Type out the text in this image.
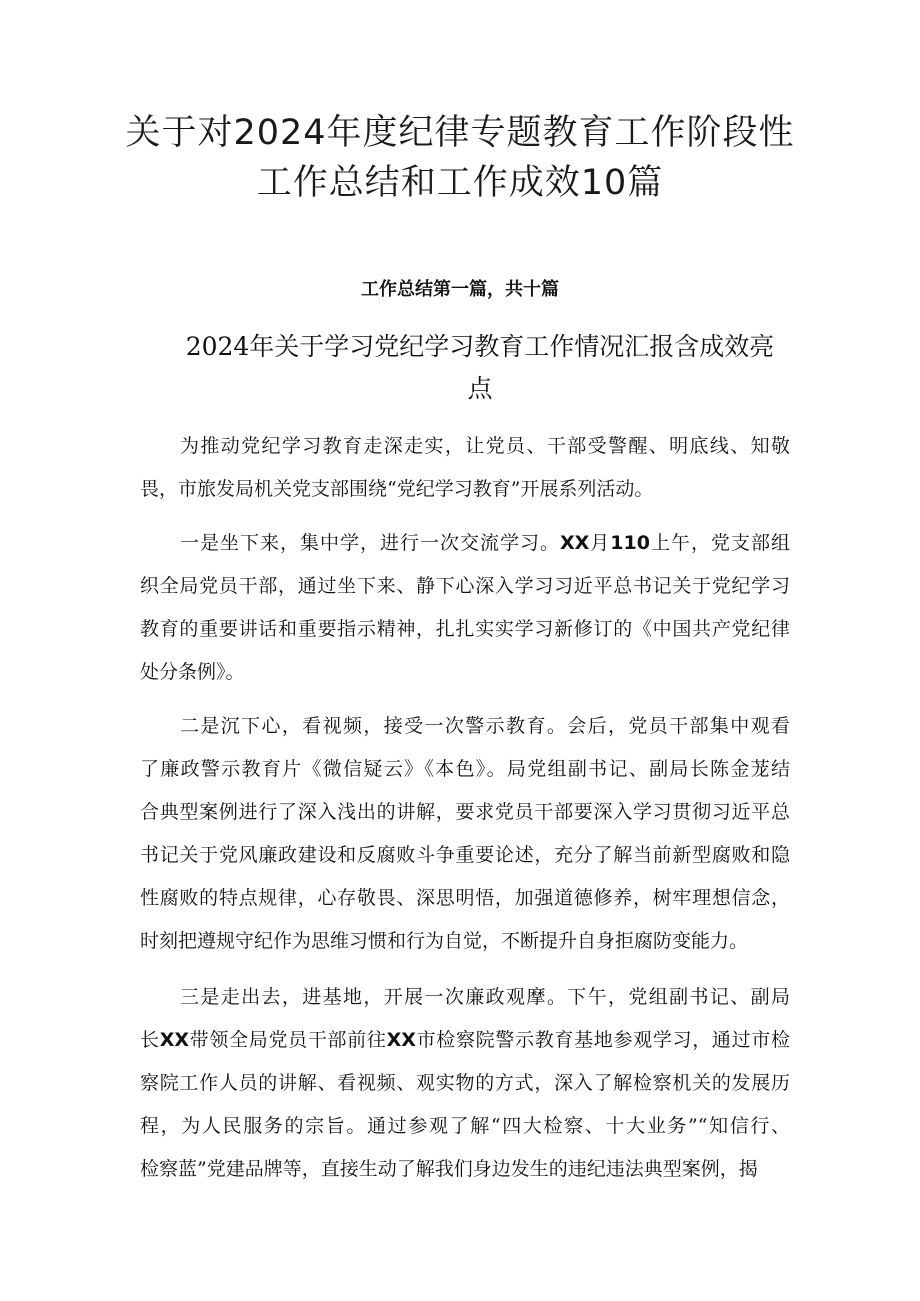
关于对2024年度纪律专题教育工作阶段性
工作总结和工作成效10篇

工作总结第一篇，共十篇

2024年关于学习党纪学习教育工作情况汇报含成效亮
点
为推动党纪学习教育走深走实，让党员、干部受警醒、明底线、知敬
畏，市旅发局机关党支部围绕“党纪学习教育”开展系列活动。
一是坐下来，集中学，进行一次交流学习。XX月110上午，党支部组
织全局党员干部，通过坐下来、静下心深入学习习近平总书记关于党纪学习
教育的重要讲话和重要指示精神，扎扎实实学习新修订的《中国共产党纪律
处分条例》。
二是沉下心，看视频，接受一次警示教育。会后，党员干部集中观看
了廉政警示教育片《微信疑云》《本色》。局党组副书记、副局长陈金茏结
合典型案例进行了深入浅出的讲解，要求党员干部要深入学习贯彻习近平总
书记关于党风廉政建设和反腐败斗争重要论述，充分了解当前新型腐败和隐
性腐败的特点规律，心存敬畏、深思明悟，加强道德修养，树牢理想信念，
时刻把遵规守纪作为思维习惯和行为自觉，不断提升自身拒腐防变能力。
三是走出去，进基地，开展一次廉政观摩。下午，党组副书记、副局
长XX带领全局党员干部前往XX市检察院警示教育基地参观学习，通过市检
察院工作人员的讲解、看视频、观实物的方式，深入了解检察机关的发展历
程，为人民服务的宗旨。通过参观了解“四大检察、十大业务”“知信行、
检察蓝”党建品牌等，直接生动了解我们身边发生的违纪违法典型案例，揭
